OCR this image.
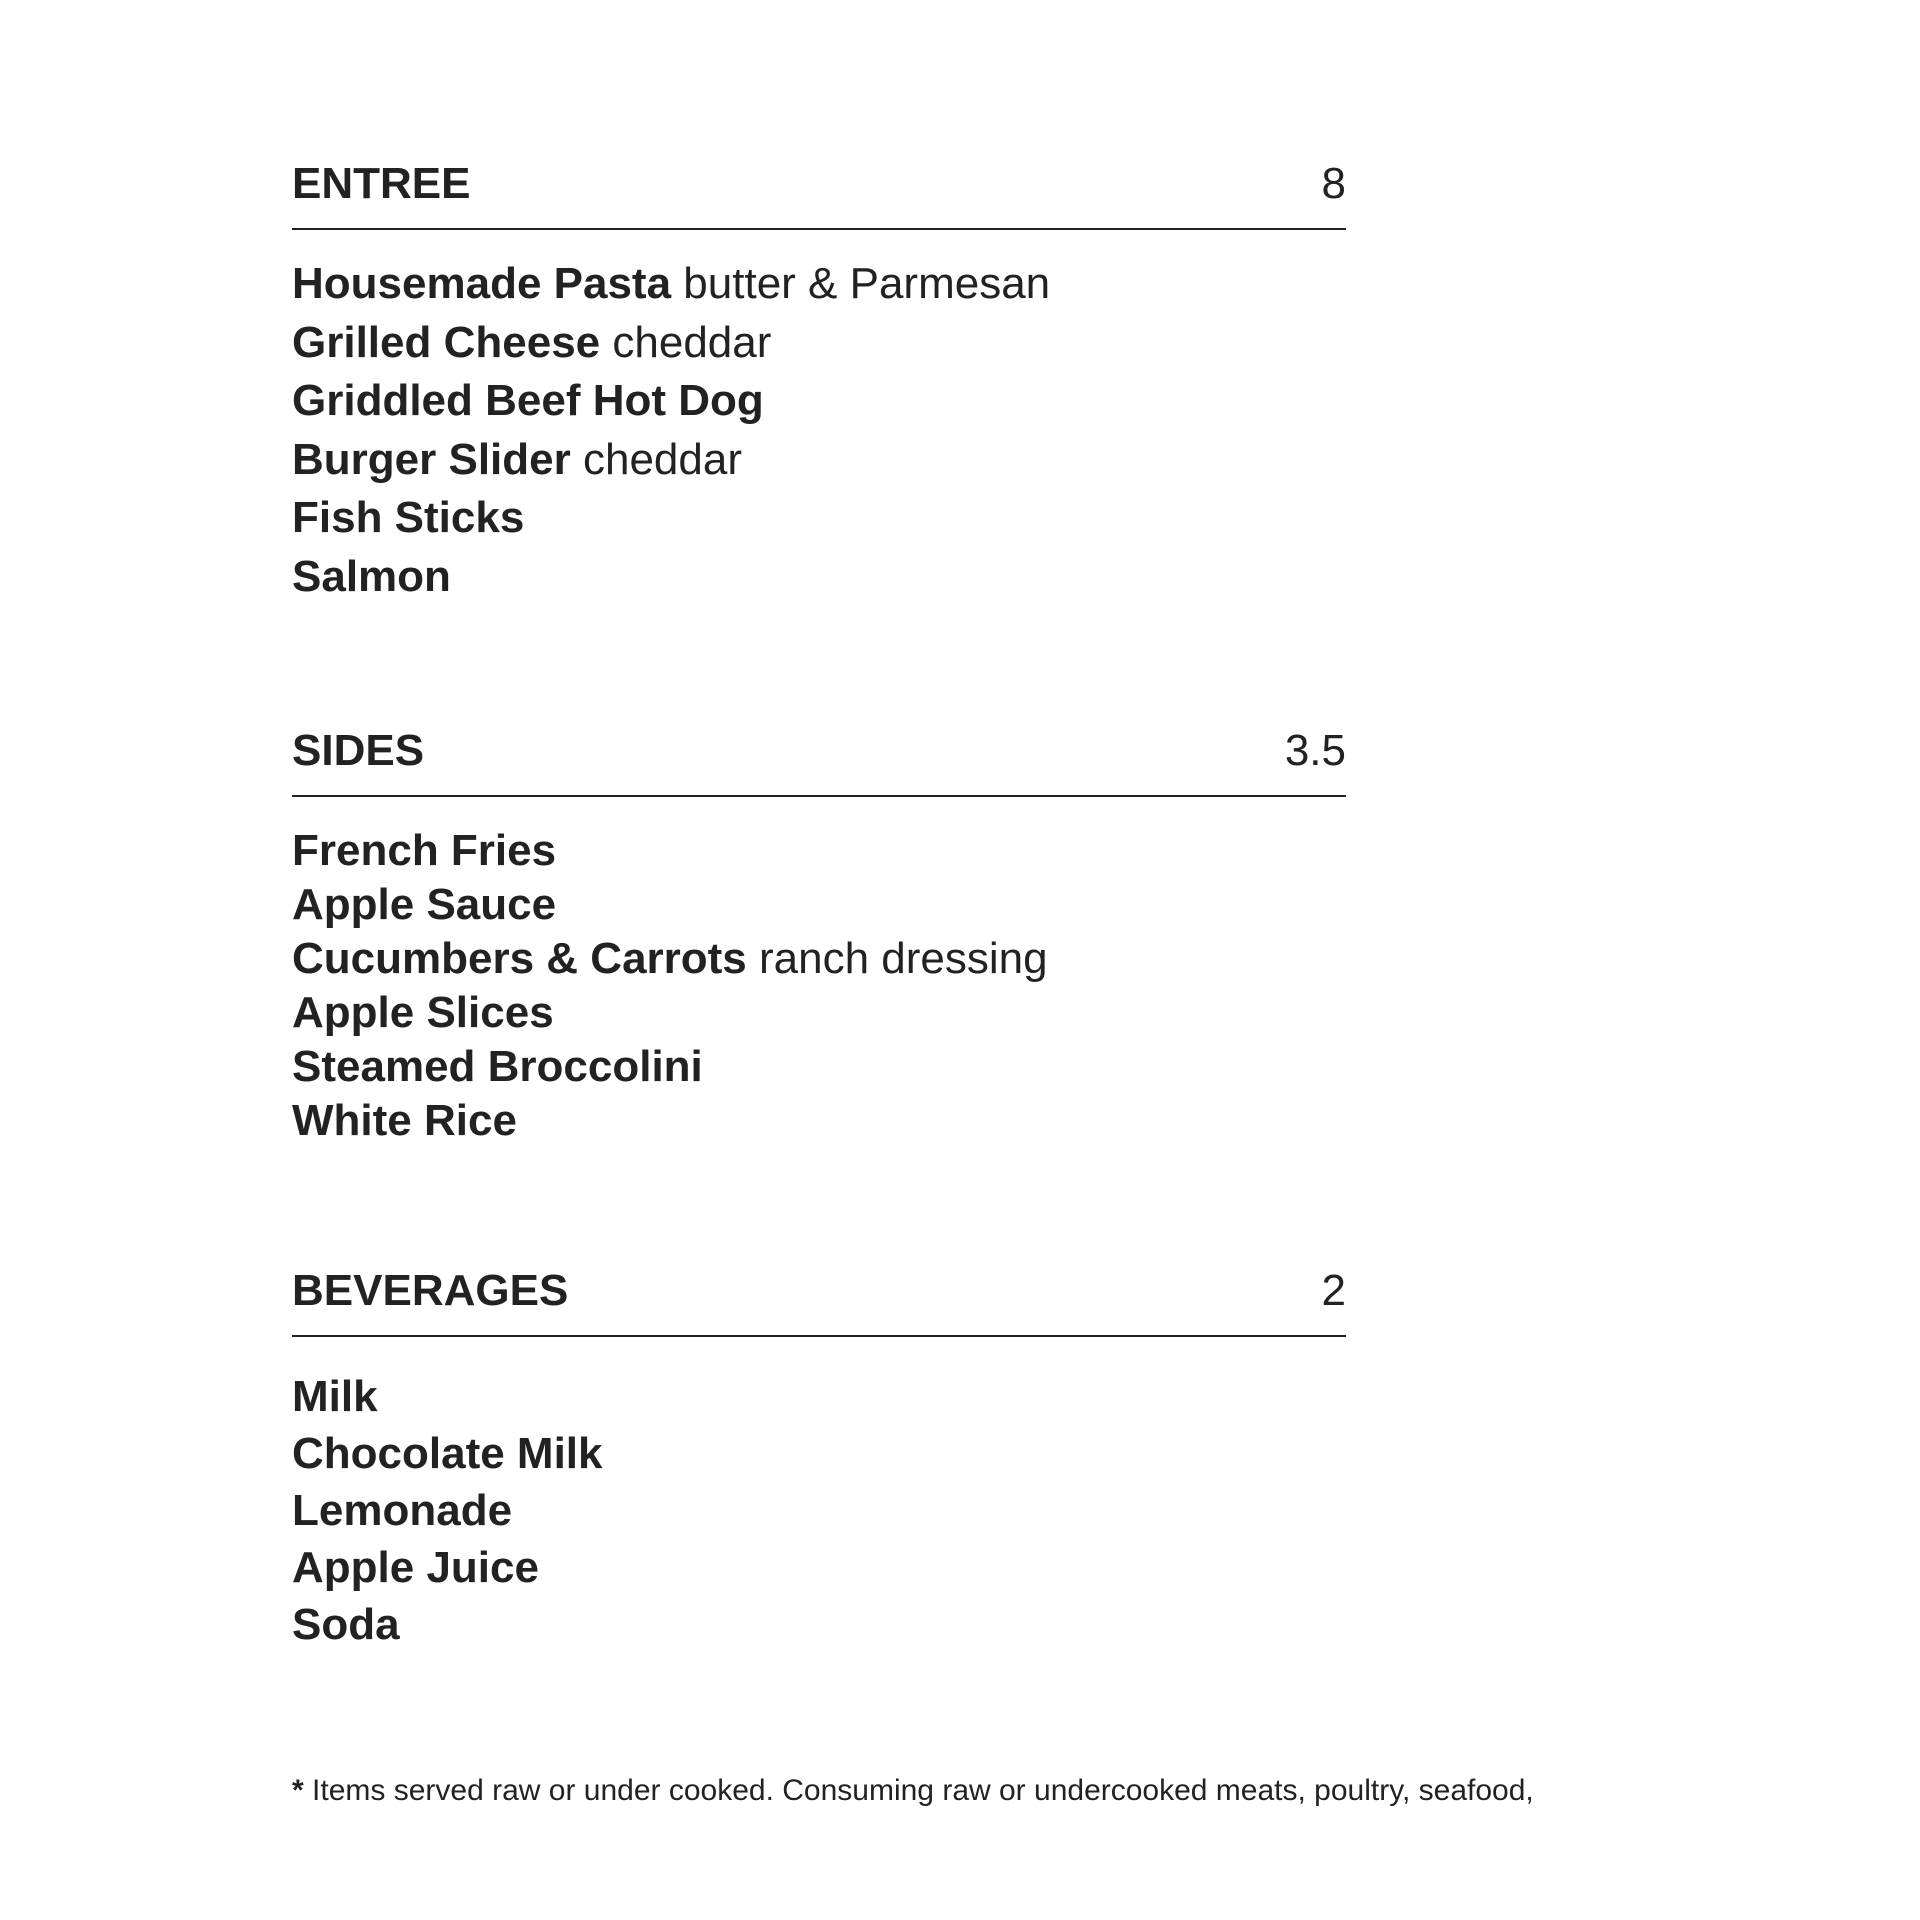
ENTREE	8
Housemade Pasta butter & Parmesan
Grilled Cheese cheddar
Griddled Beef Hot Dog
Burger Slider cheddar
Fish Sticks
Salmon
SIDES	3.5
French Fries
Apple Sauce
Cucumbers & Carrots ranch dressing
Apple Slices
Steamed Broccolini
White Rice
BEVERAGES	2
Milk
Chocolate Milk
Lemonade
Apple Juice
Soda
* Items served raw or under cooked. Consuming raw or undercooked meats, poultry, seafood,
